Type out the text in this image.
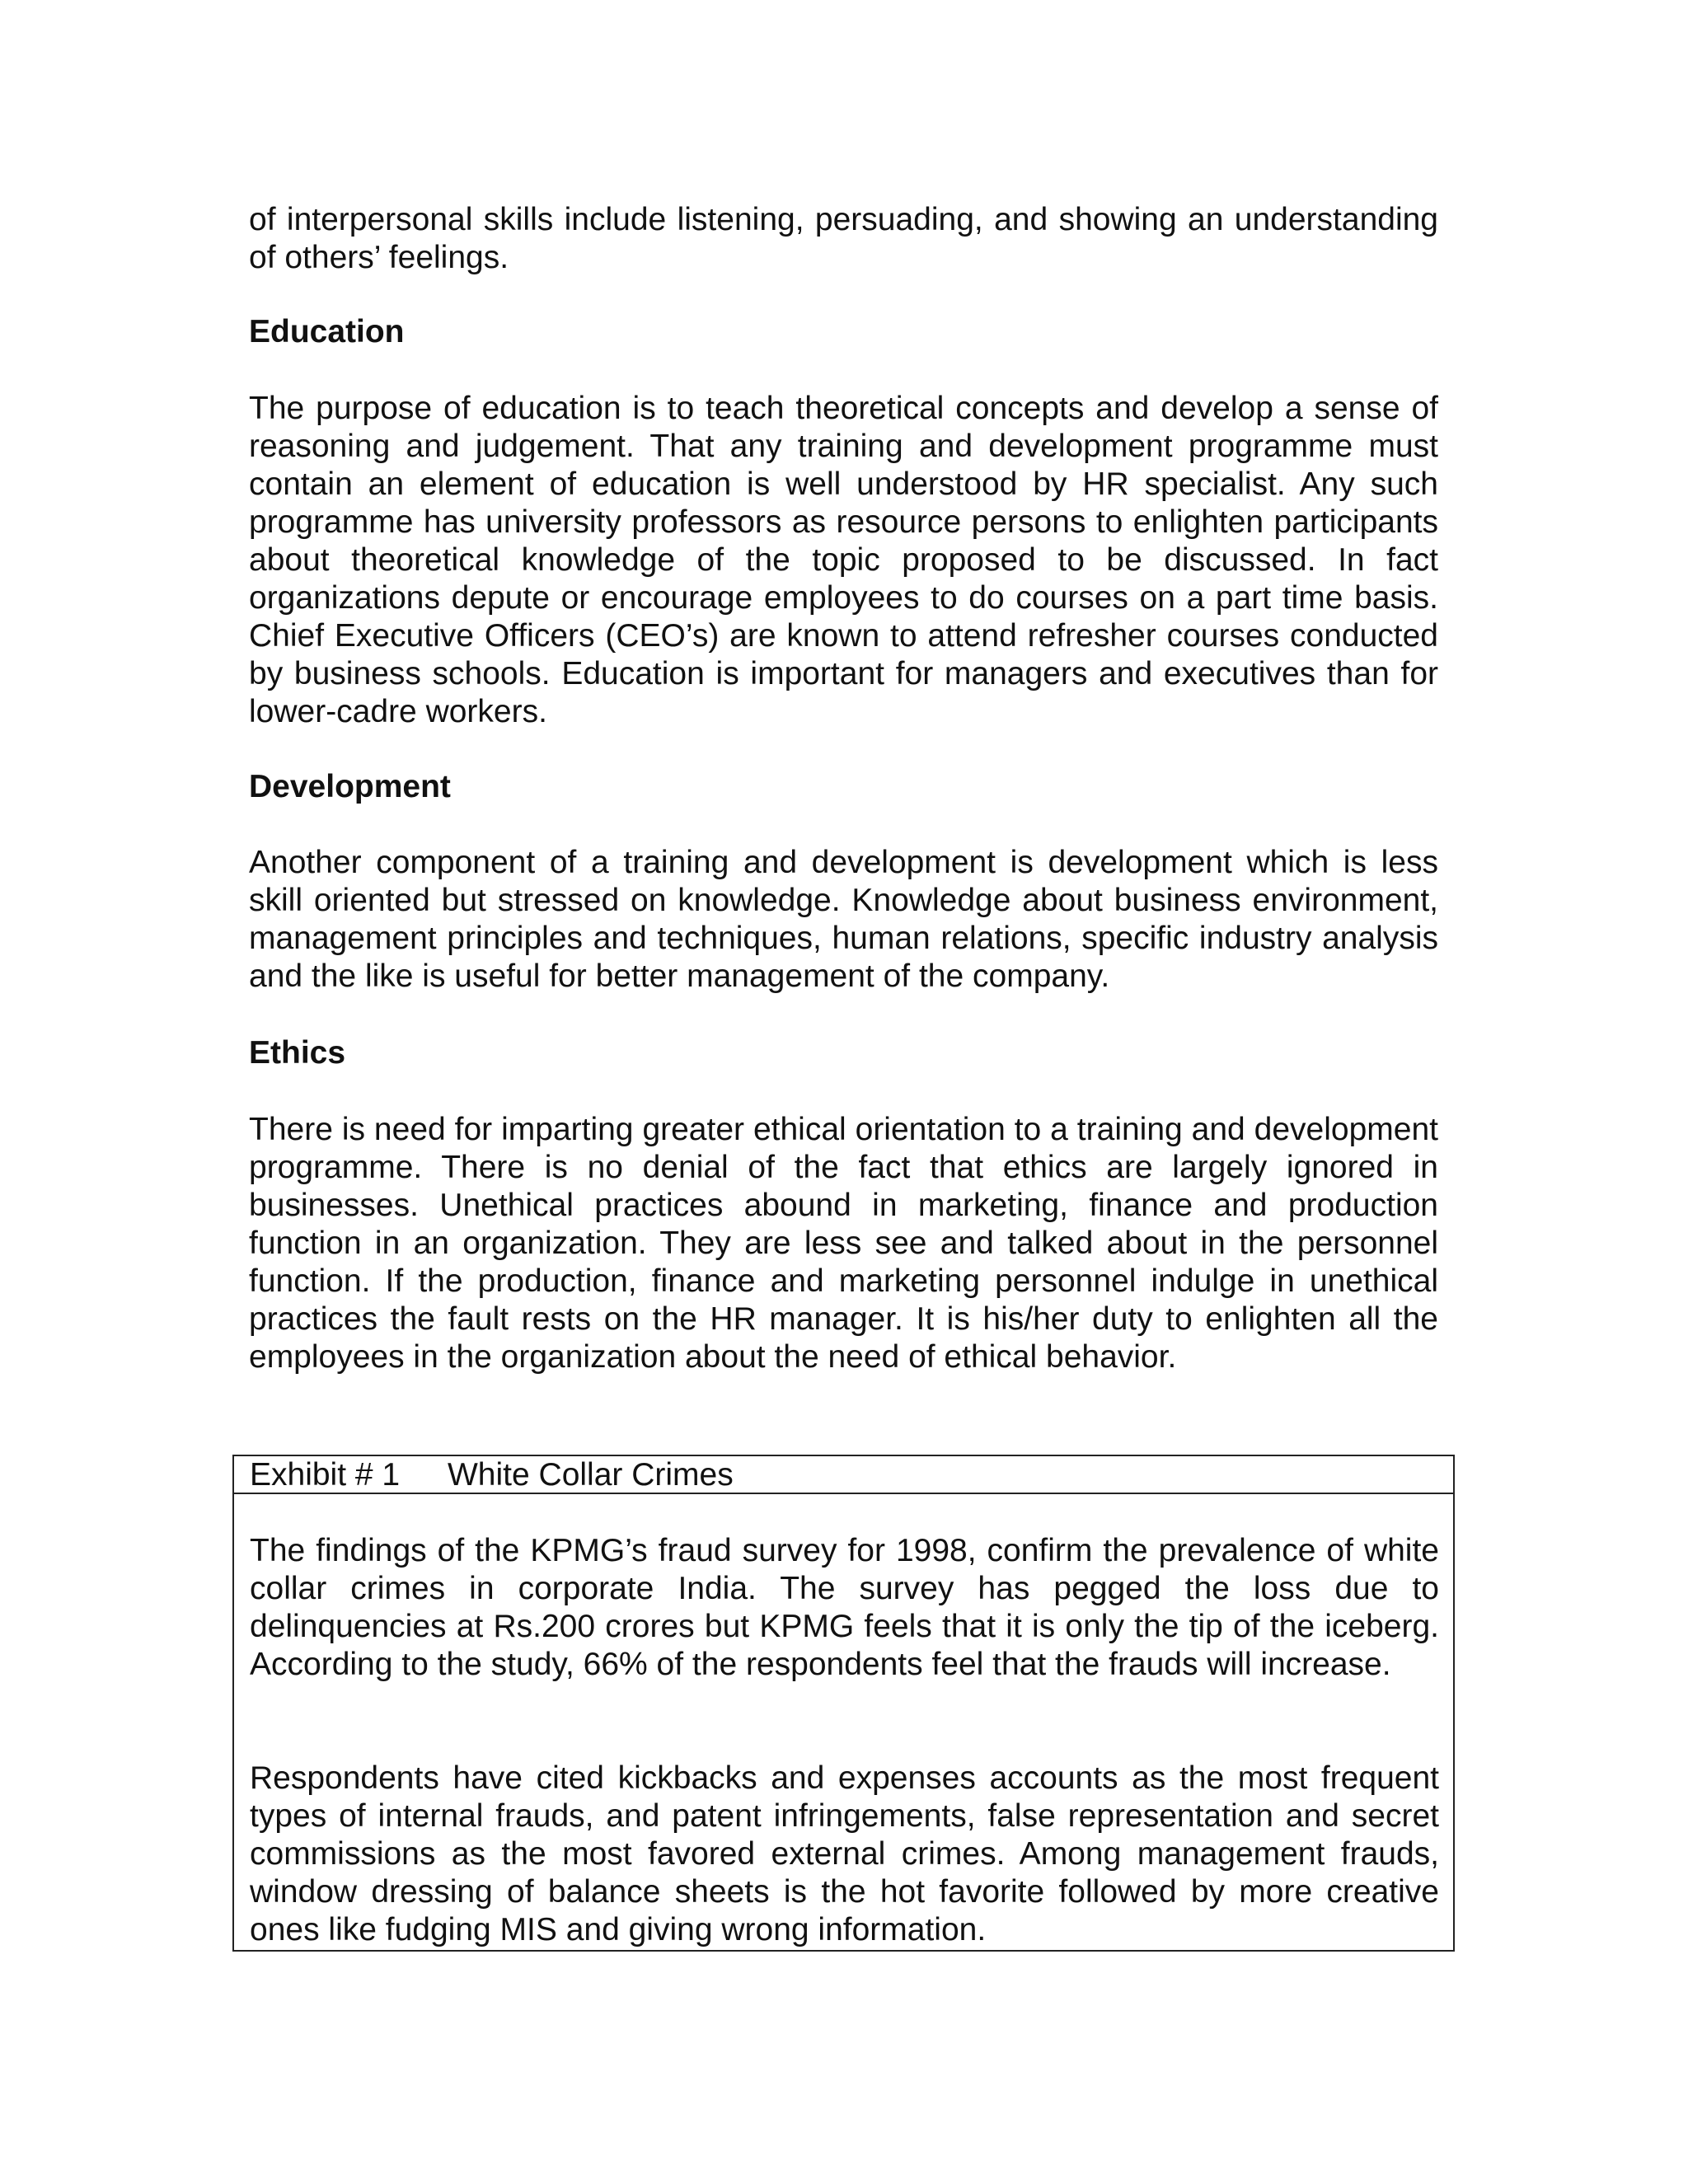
of interpersonal skills include listening, persuading, and showing an understanding of others’ feelings.

Education

The purpose of education is to teach theoretical concepts and develop a sense of reasoning and judgement. That any training and development programme must contain an element of education is well understood by HR specialist. Any such programme has university professors as resource persons to enlighten participants about theoretical knowledge of the topic proposed to be discussed. In fact organizations depute or encourage employees to do courses on a part time basis. Chief Executive Officers (CEO’s) are known to attend refresher courses conducted by business schools. Education is important for managers and executives than for lower-cadre workers.

Development

Another component of a training and development is development which is less skill oriented but stressed on knowledge. Knowledge about business environment, management principles and techniques, human relations, specific industry analysis and the like is useful for better management of the company.

Ethics

There is need for imparting greater ethical orientation to a training and development programme. There is no denial of the fact that ethics are largely ignored in businesses. Unethical practices abound in marketing, finance and production function in an organization. They are less see and talked about in the personnel function. If the production, finance and marketing personnel indulge in unethical practices the fault rests on the HR manager. It is his/her duty to enlighten all the employees in the organization about the need of ethical behavior.

Exhibit # 1 White Collar Crimes

The findings of the KPMG’s fraud survey for 1998, confirm the prevalence of white collar crimes in corporate India. The survey has pegged the loss due to delinquencies at Rs.200 crores but KPMG feels that it is only the tip of the iceberg. According to the study, 66% of the respondents feel that the frauds will increase.

Respondents have cited kickbacks and expenses accounts as the most frequent types of internal frauds, and patent infringements, false representation and secret commissions as the most favored external crimes. Among management frauds, window dressing of balance sheets is the hot favorite followed by more creative ones like fudging MIS and giving wrong information.
